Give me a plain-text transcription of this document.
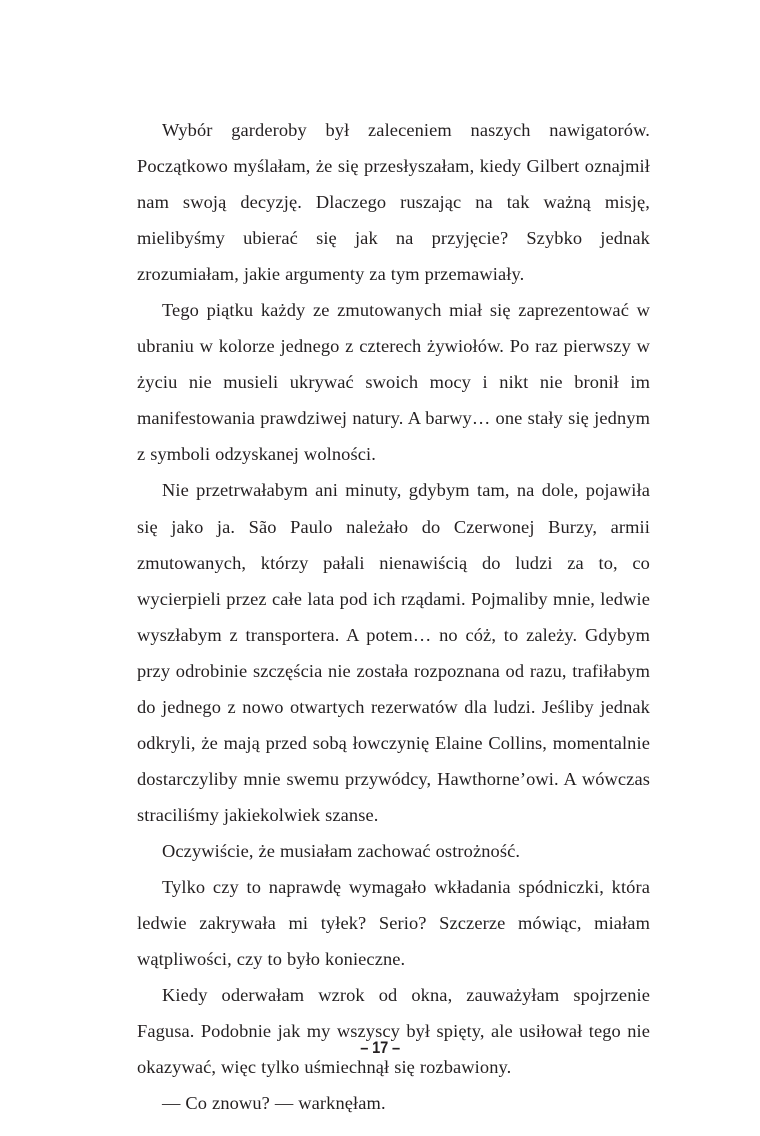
Wybór garderoby był zaleceniem naszych nawigatorów. Początkowo myślałam, że się przesłyszałam, kiedy Gilbert oznajmił nam swoją decyzję. Dlaczego ruszając na tak ważną misję, mielibyśmy ubierać się jak na przyjęcie? Szybko jednak zrozumiałam, jakie argumenty za tym przemawiały.

Tego piątku każdy ze zmutowanych miał się zaprezentować w ubraniu w kolorze jednego z czterech żywiołów. Po raz pierwszy w życiu nie musieli ukrywać swoich mocy i nikt nie bronił im manifestowania prawdziwej natury. A barwy… one stały się jednym z symboli odzyskanej wolności.

Nie przetrwałabym ani minuty, gdybym tam, na dole, pojawiła się jako ja. São Paulo należało do Czerwonej Burzy, armii zmutowanych, którzy pałali nienawiścią do ludzi za to, co wycierpieli przez całe lata pod ich rządami. Pojmaliby mnie, ledwie wyszłabym z transportera. A potem… no cóż, to zależy. Gdybym przy odrobinie szczęścia nie została rozpoznana od razu, trafiłabym do jednego z nowo otwartych rezerwatów dla ludzi. Jeśliby jednak odkryli, że mają przed sobą łowczynię Elaine Collins, momentalnie dostarczyliby mnie swemu przywódcy, Hawthorne’owi. A wówczas straciliśmy jakiekolwiek szanse.

Oczywiście, że musiałam zachować ostrożność.

Tylko czy to naprawdę wymagało wkładania spódniczki, która ledwie zakrywała mi tyłek? Serio? Szczerze mówiąc, miałam wątpliwości, czy to było konieczne.

Kiedy oderwałam wzrok od okna, zauważyłam spojrzenie Fagusa. Podobnie jak my wszyscy był spięty, ale usiłował tego nie okazywać, więc tylko uśmiechnął się rozbawiony.

— Co znowu? — warknęłam.

– 17 –
